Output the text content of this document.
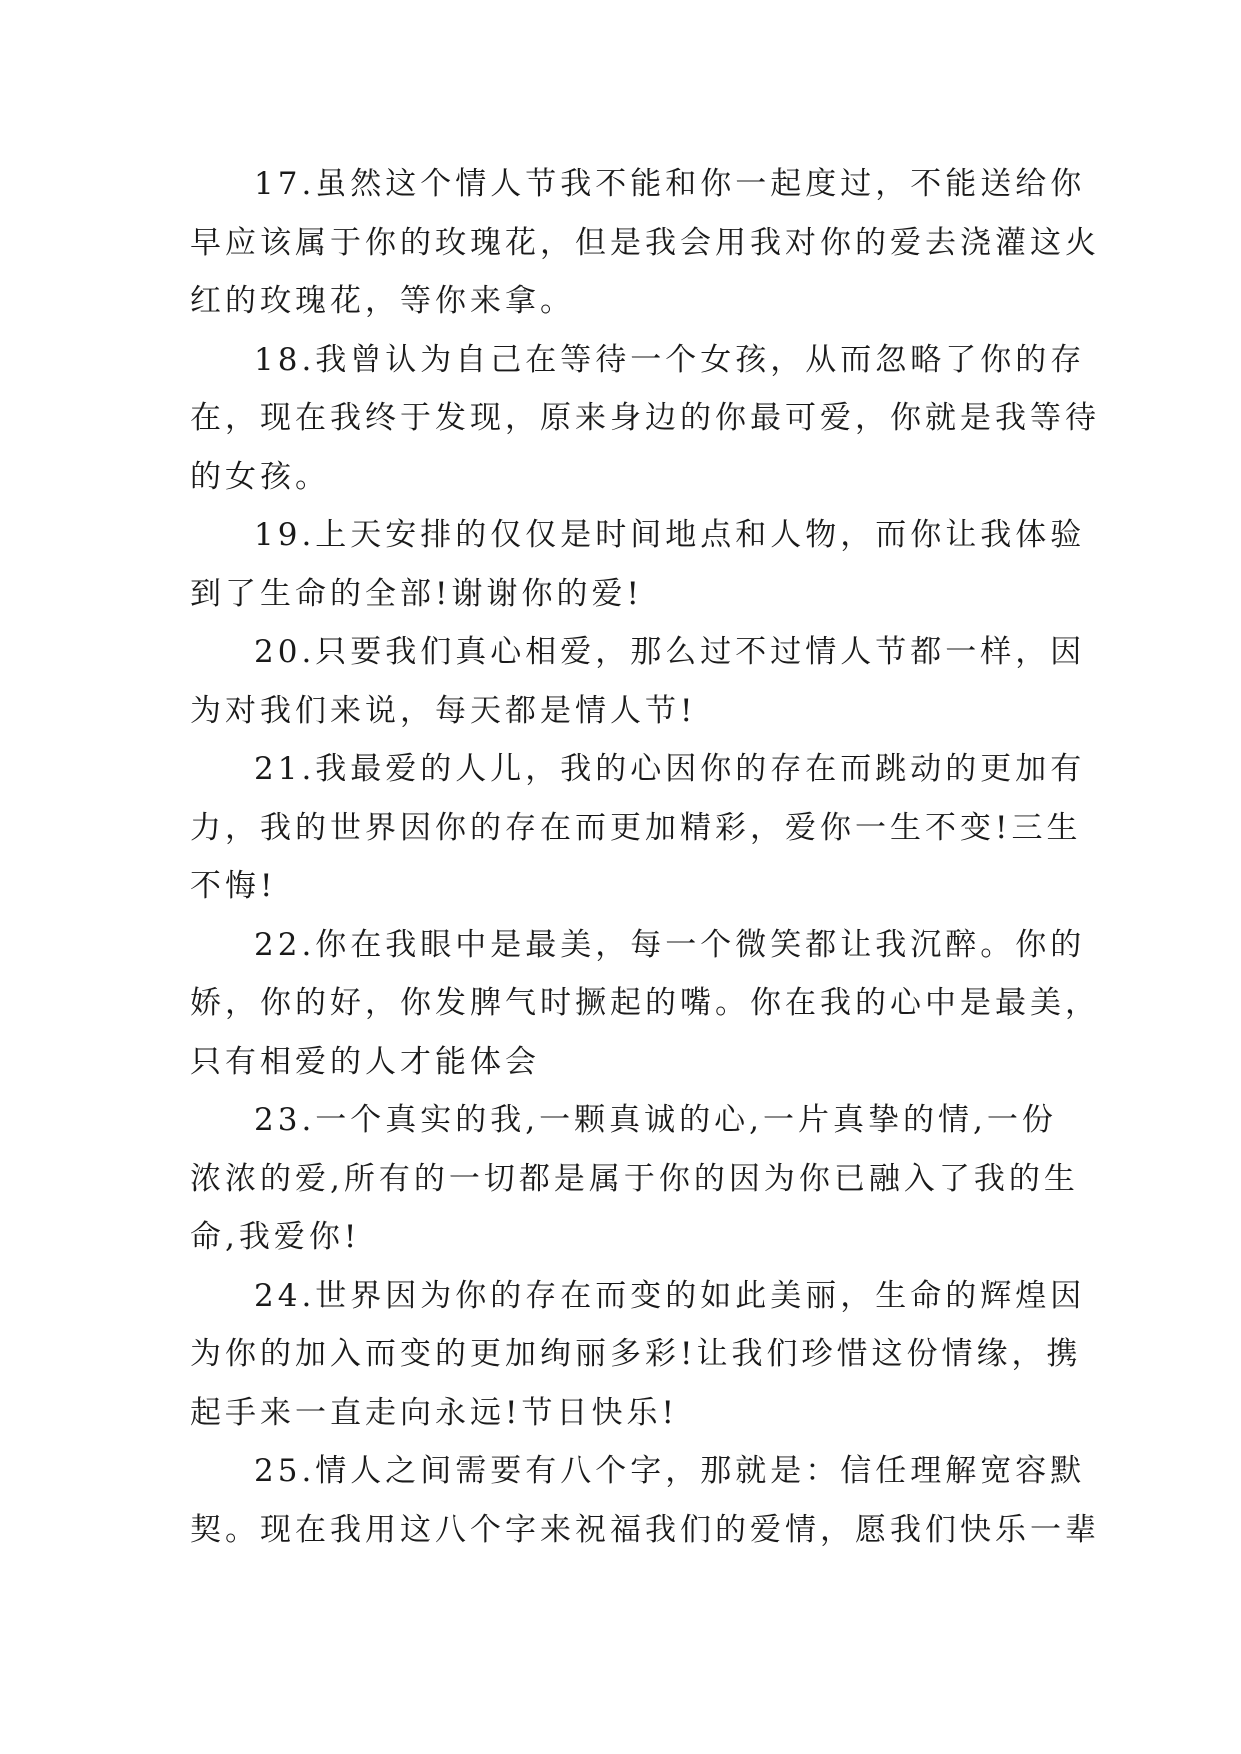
17.虽然这个情人节我不能和你一起度过，不能送给你
早应该属于你的玫瑰花，但是我会用我对你的爱去浇灌这火
红的玫瑰花，等你来拿。

18.我曾认为自己在等待一个女孩，从而忽略了你的存
在，现在我终于发现，原来身边的你最可爱，你就是我等待
的女孩。

19.上天安排的仅仅是时间地点和人物，而你让我体验
到了生命的全部!谢谢你的爱!

20.只要我们真心相爱，那么过不过情人节都一样，因
为对我们来说，每天都是情人节!

21.我最爱的人儿，我的心因你的存在而跳动的更加有
力，我的世界因你的存在而更加精彩，爱你一生不变!三生
不悔!

22.你在我眼中是最美，每一个微笑都让我沉醉。你的
娇，你的好，你发脾气时撅起的嘴。你在我的心中是最美，
只有相爱的人才能体会

23.一个真实的我,一颗真诚的心,一片真挚的情,一份
浓浓的爱,所有的一切都是属于你的因为你已融入了我的生
命,我爱你!

24.世界因为你的存在而变的如此美丽，生命的辉煌因
为你的加入而变的更加绚丽多彩!让我们珍惜这份情缘，携
起手来一直走向永远!节日快乐!

25.情人之间需要有八个字，那就是：信任理解宽容默
契。现在我用这八个字来祝福我们的爱情，愿我们快乐一辈
